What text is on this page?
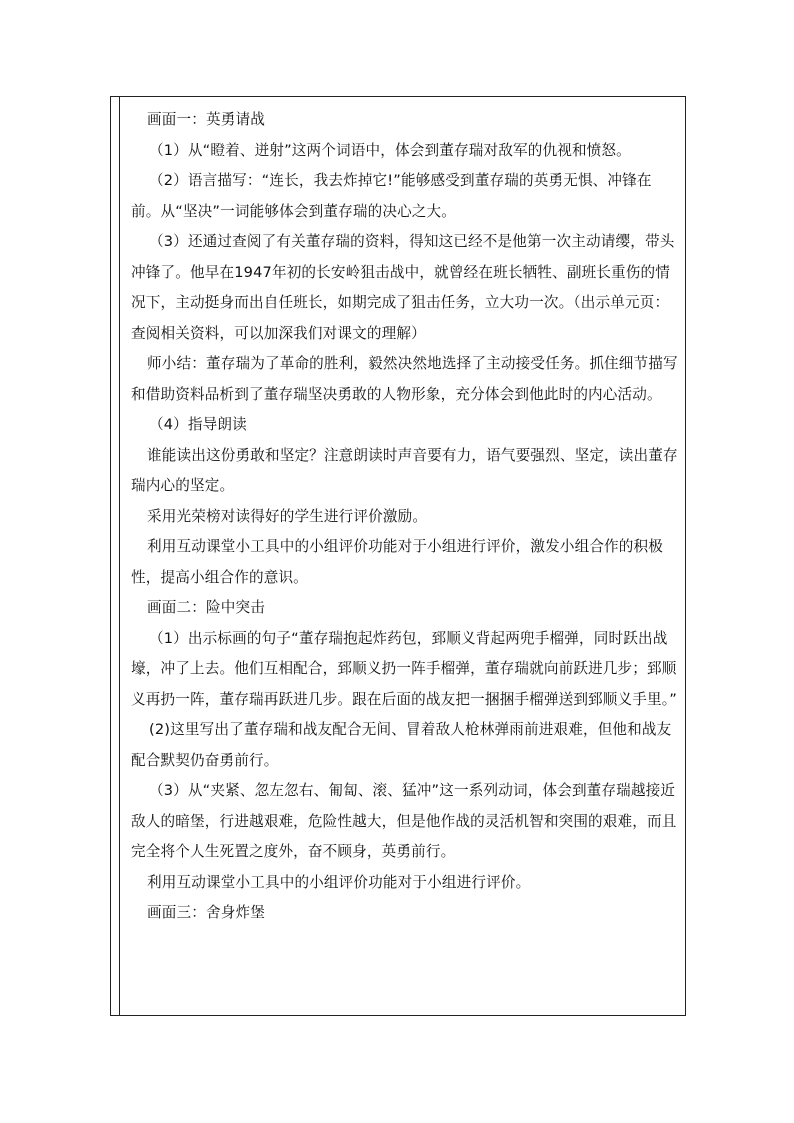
画面一：英勇请战

（1）从“瞪着、迸射”这两个词语中，体会到董存瑞对敌军的仇视和愤怒。

（2）语言描写：“连长，我去炸掉它!”能够感受到董存瑞的英勇无惧、冲锋在前。从“坚决”一词能够体会到董存瑞的决心之大。

（3）还通过查阅了有关董存瑞的资料，得知这已经不是他第一次主动请缨，带头冲锋了。他早在1947年初的长安岭狙击战中，就曾经在班长牺牲、副班长重伤的情况下，主动挺身而出自任班长，如期完成了狙击任务，立大功一次。（出示单元页：查阅相关资料，可以加深我们对课文的理解）

师小结：董存瑞为了革命的胜利，毅然决然地选择了主动接受任务。抓住细节描写和借助资料品析到了董存瑞坚决勇敢的人物形象，充分体会到他此时的内心活动。

（4）指导朗读

谁能读出这份勇敢和坚定？注意朗读时声音要有力，语气要强烈、坚定，读出董存瑞内心的坚定。

采用光荣榜对读得好的学生进行评价激励。

利用互动课堂小工具中的小组评价功能对于小组进行评价，激发小组合作的积极性，提高小组合作的意识。

画面二：险中突击

（1）出示标画的句子“董存瑞抱起炸药包，郅顺义背起两兜手榴弹，同时跃出战壕，冲了上去。他们互相配合，郅顺义扔一阵手榴弹，董存瑞就向前跃进几步；郅顺义再扔一阵，董存瑞再跃进几步。跟在后面的战友把一捆捆手榴弹送到郅顺义手里。”

(2)这里写出了董存瑞和战友配合无间、冒着敌人枪林弹雨前进艰难，但他和战友配合默契仍奋勇前行。

（3）从“夹紧、忽左忽右、匍匐、滚、猛冲”这一系列动词，体会到董存瑞越接近敌人的暗堡，行进越艰难，危险性越大，但是他作战的灵活机智和突围的艰难，而且完全将个人生死置之度外，奋不顾身，英勇前行。

利用互动课堂小工具中的小组评价功能对于小组进行评价。

画面三：舍身炸堡
